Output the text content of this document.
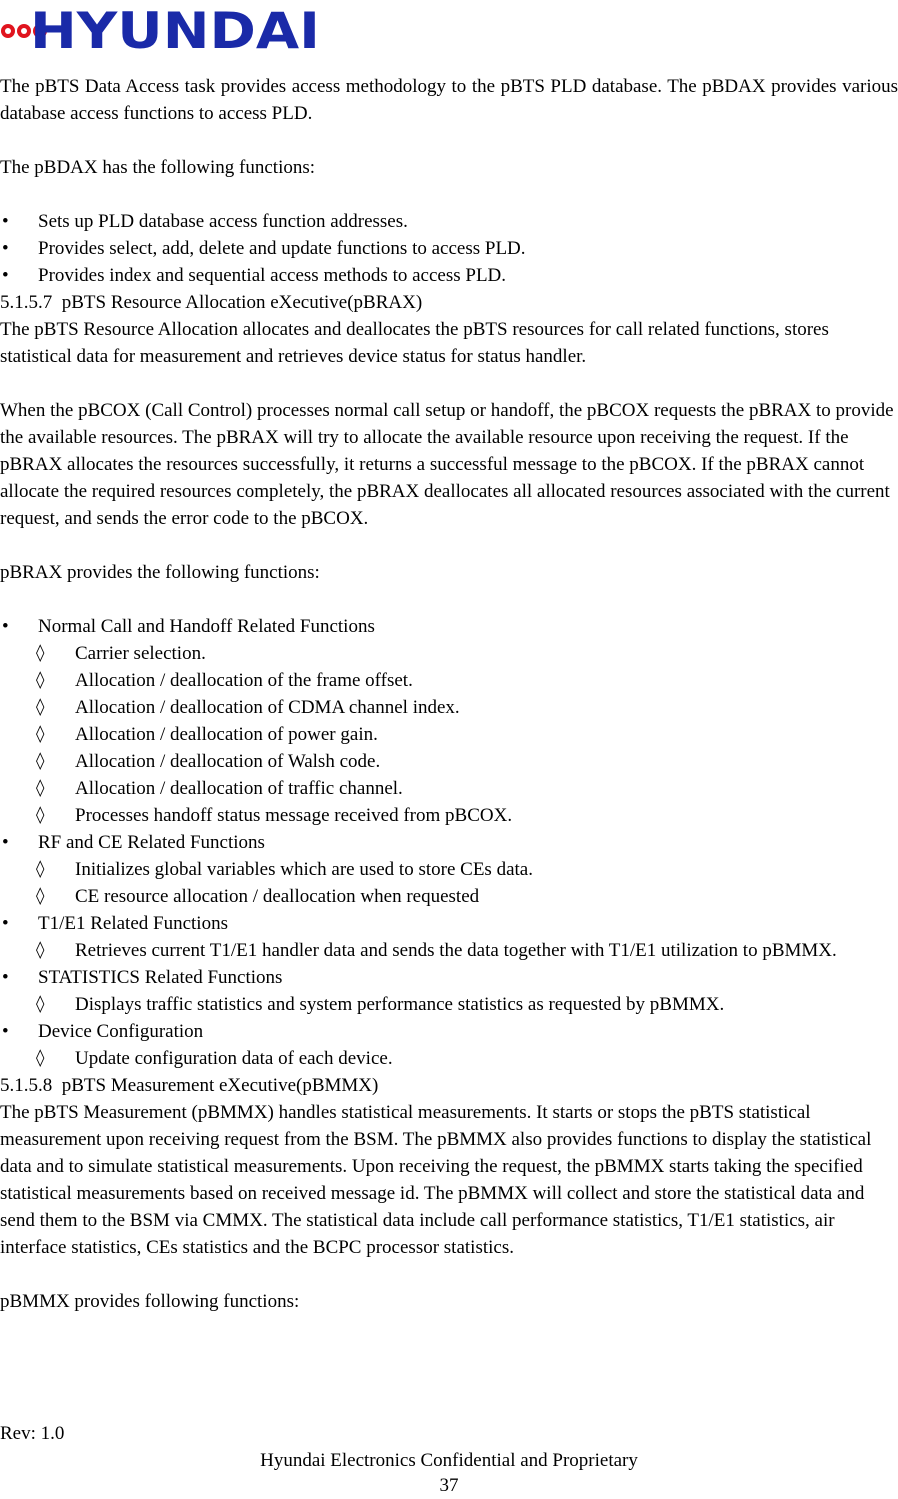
HYUNDAI

The pBTS Data Access task provides access methodology to the pBTS PLD database. The pBDAX provides various database access functions to access PLD.

The pBDAX has the following functions:

• Sets up PLD database access function addresses.

• Provides select, add, delete and update functions to access PLD.

• Provides index and sequential access methods to access PLD.

5.1.5.7 pBTS Resource Allocation eXecutive(pBRAX)

The pBTS Resource Allocation allocates and deallocates the pBTS resources for call related functions, stores statistical data for measurement and retrieves device status for status handler.

When the pBCOX (Call Control) processes normal call setup or handoff, the pBCOX requests the pBRAX to provide the available resources. The pBRAX will try to allocate the available resource upon receiving the request. If the pBRAX allocates the resources successfully, it returns a successful message to the pBCOX. If the pBRAX cannot allocate the required resources completely, the pBRAX deallocates all allocated resources associated with the current request, and sends the error code to the pBCOX.

pBRAX provides the following functions:

• Normal Call and Handoff Related Functions

◊ Carrier selection.

◊ Allocation / deallocation of the frame offset.

◊ Allocation / deallocation of CDMA channel index.

◊ Allocation / deallocation of power gain.

◊ Allocation / deallocation of Walsh code.

◊ Allocation / deallocation of traffic channel.

◊ Processes handoff status message received from pBCOX.

• RF and CE Related Functions

◊ Initializes global variables which are used to store CEs data.

◊ CE resource allocation / deallocation when requested

• T1/E1 Related Functions

◊ Retrieves current T1/E1 handler data and sends the data together with T1/E1 utilization to pBMMX.

• STATISTICS Related Functions

◊ Displays traffic statistics and system performance statistics as requested by pBMMX.

• Device Configuration

◊ Update configuration data of each device.

5.1.5.8 pBTS Measurement eXecutive(pBMMX)

The pBTS Measurement (pBMMX) handles statistical measurements. It starts or stops the pBTS statistical measurement upon receiving request from the BSM. The pBMMX also provides functions to display the statistical data and to simulate statistical measurements. Upon receiving the request, the pBMMX starts taking the specified statistical measurements based on received message id. The pBMMX will collect and store the statistical data and send them to the BSM via CMMX. The statistical data include call performance statistics, T1/E1 statistics, air interface statistics, CEs statistics and the BCPC processor statistics.

pBMMX provides following functions:

Rev: 1.0
Hyundai Electronics Confidential and Proprietary
37
